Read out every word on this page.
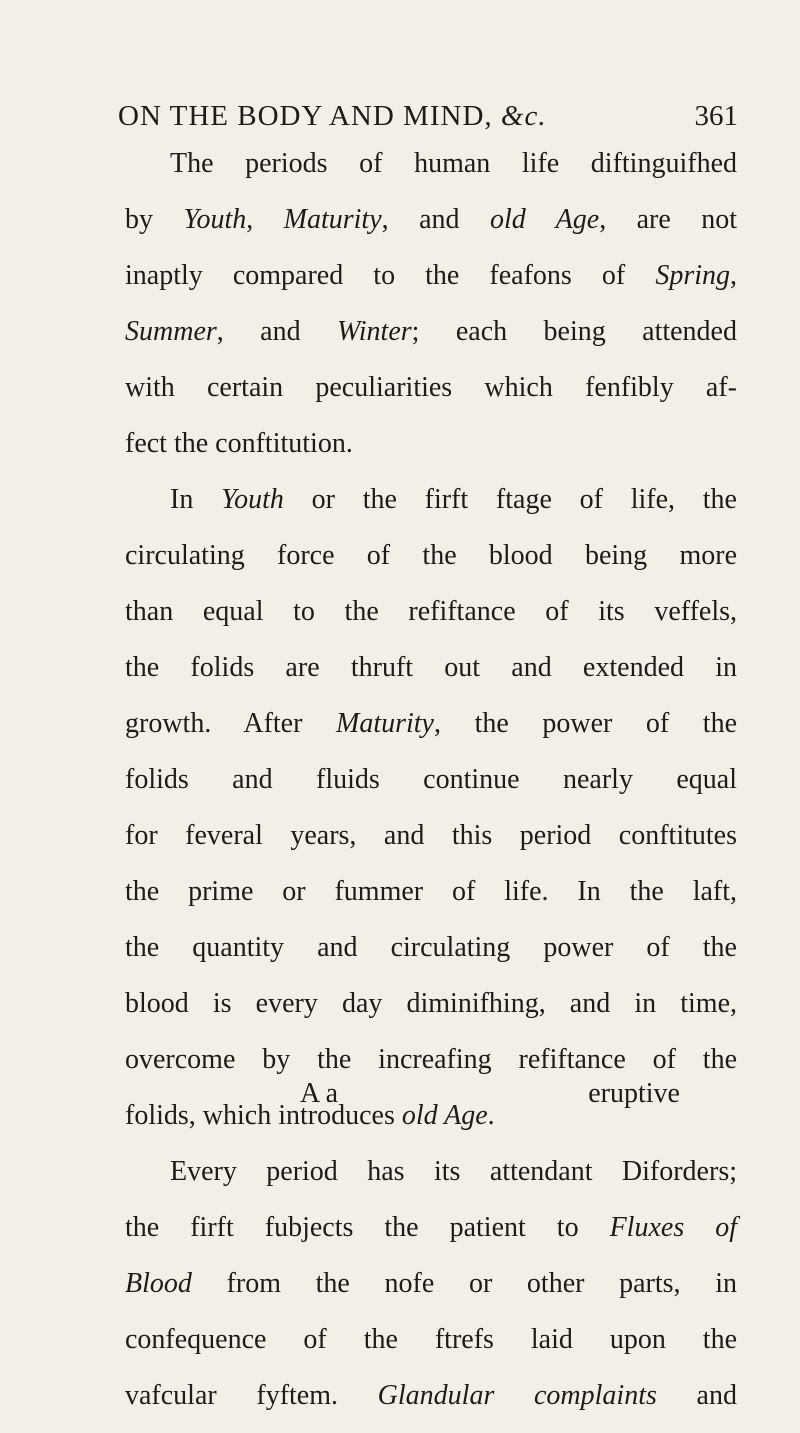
ON THE BODY AND MIND, &c.	361
The periods of human life diftinguifhed
by Youth, Maturity, and old Age, are not
inaptly compared to the feafons of Spring,
Summer, and Winter; each being attended
with certain peculiarities which fenfibly af-
fect the conftitution.
In Youth or the firft ftage of life, the
circulating force of the blood being more
than equal to the refiftance of its veffels,
the folids are thruft out and extended in
growth. After Maturity, the power of the
folids and fluids continue nearly equal
for feveral years, and this period conftitutes
the prime or fummer of life. In the laft,
the quantity and circulating power of the
blood is every day diminifhing, and in time,
overcome by the increafing refiftance of the
folids, which introduces old Age.
Every period has its attendant Diforders;
the firft fubjects the patient to Fluxes of
Blood from the nofe or other parts, in
confequence of the ftrefs laid upon the
vafcular fyftem. Glandular complaints and
A a	eruptive
